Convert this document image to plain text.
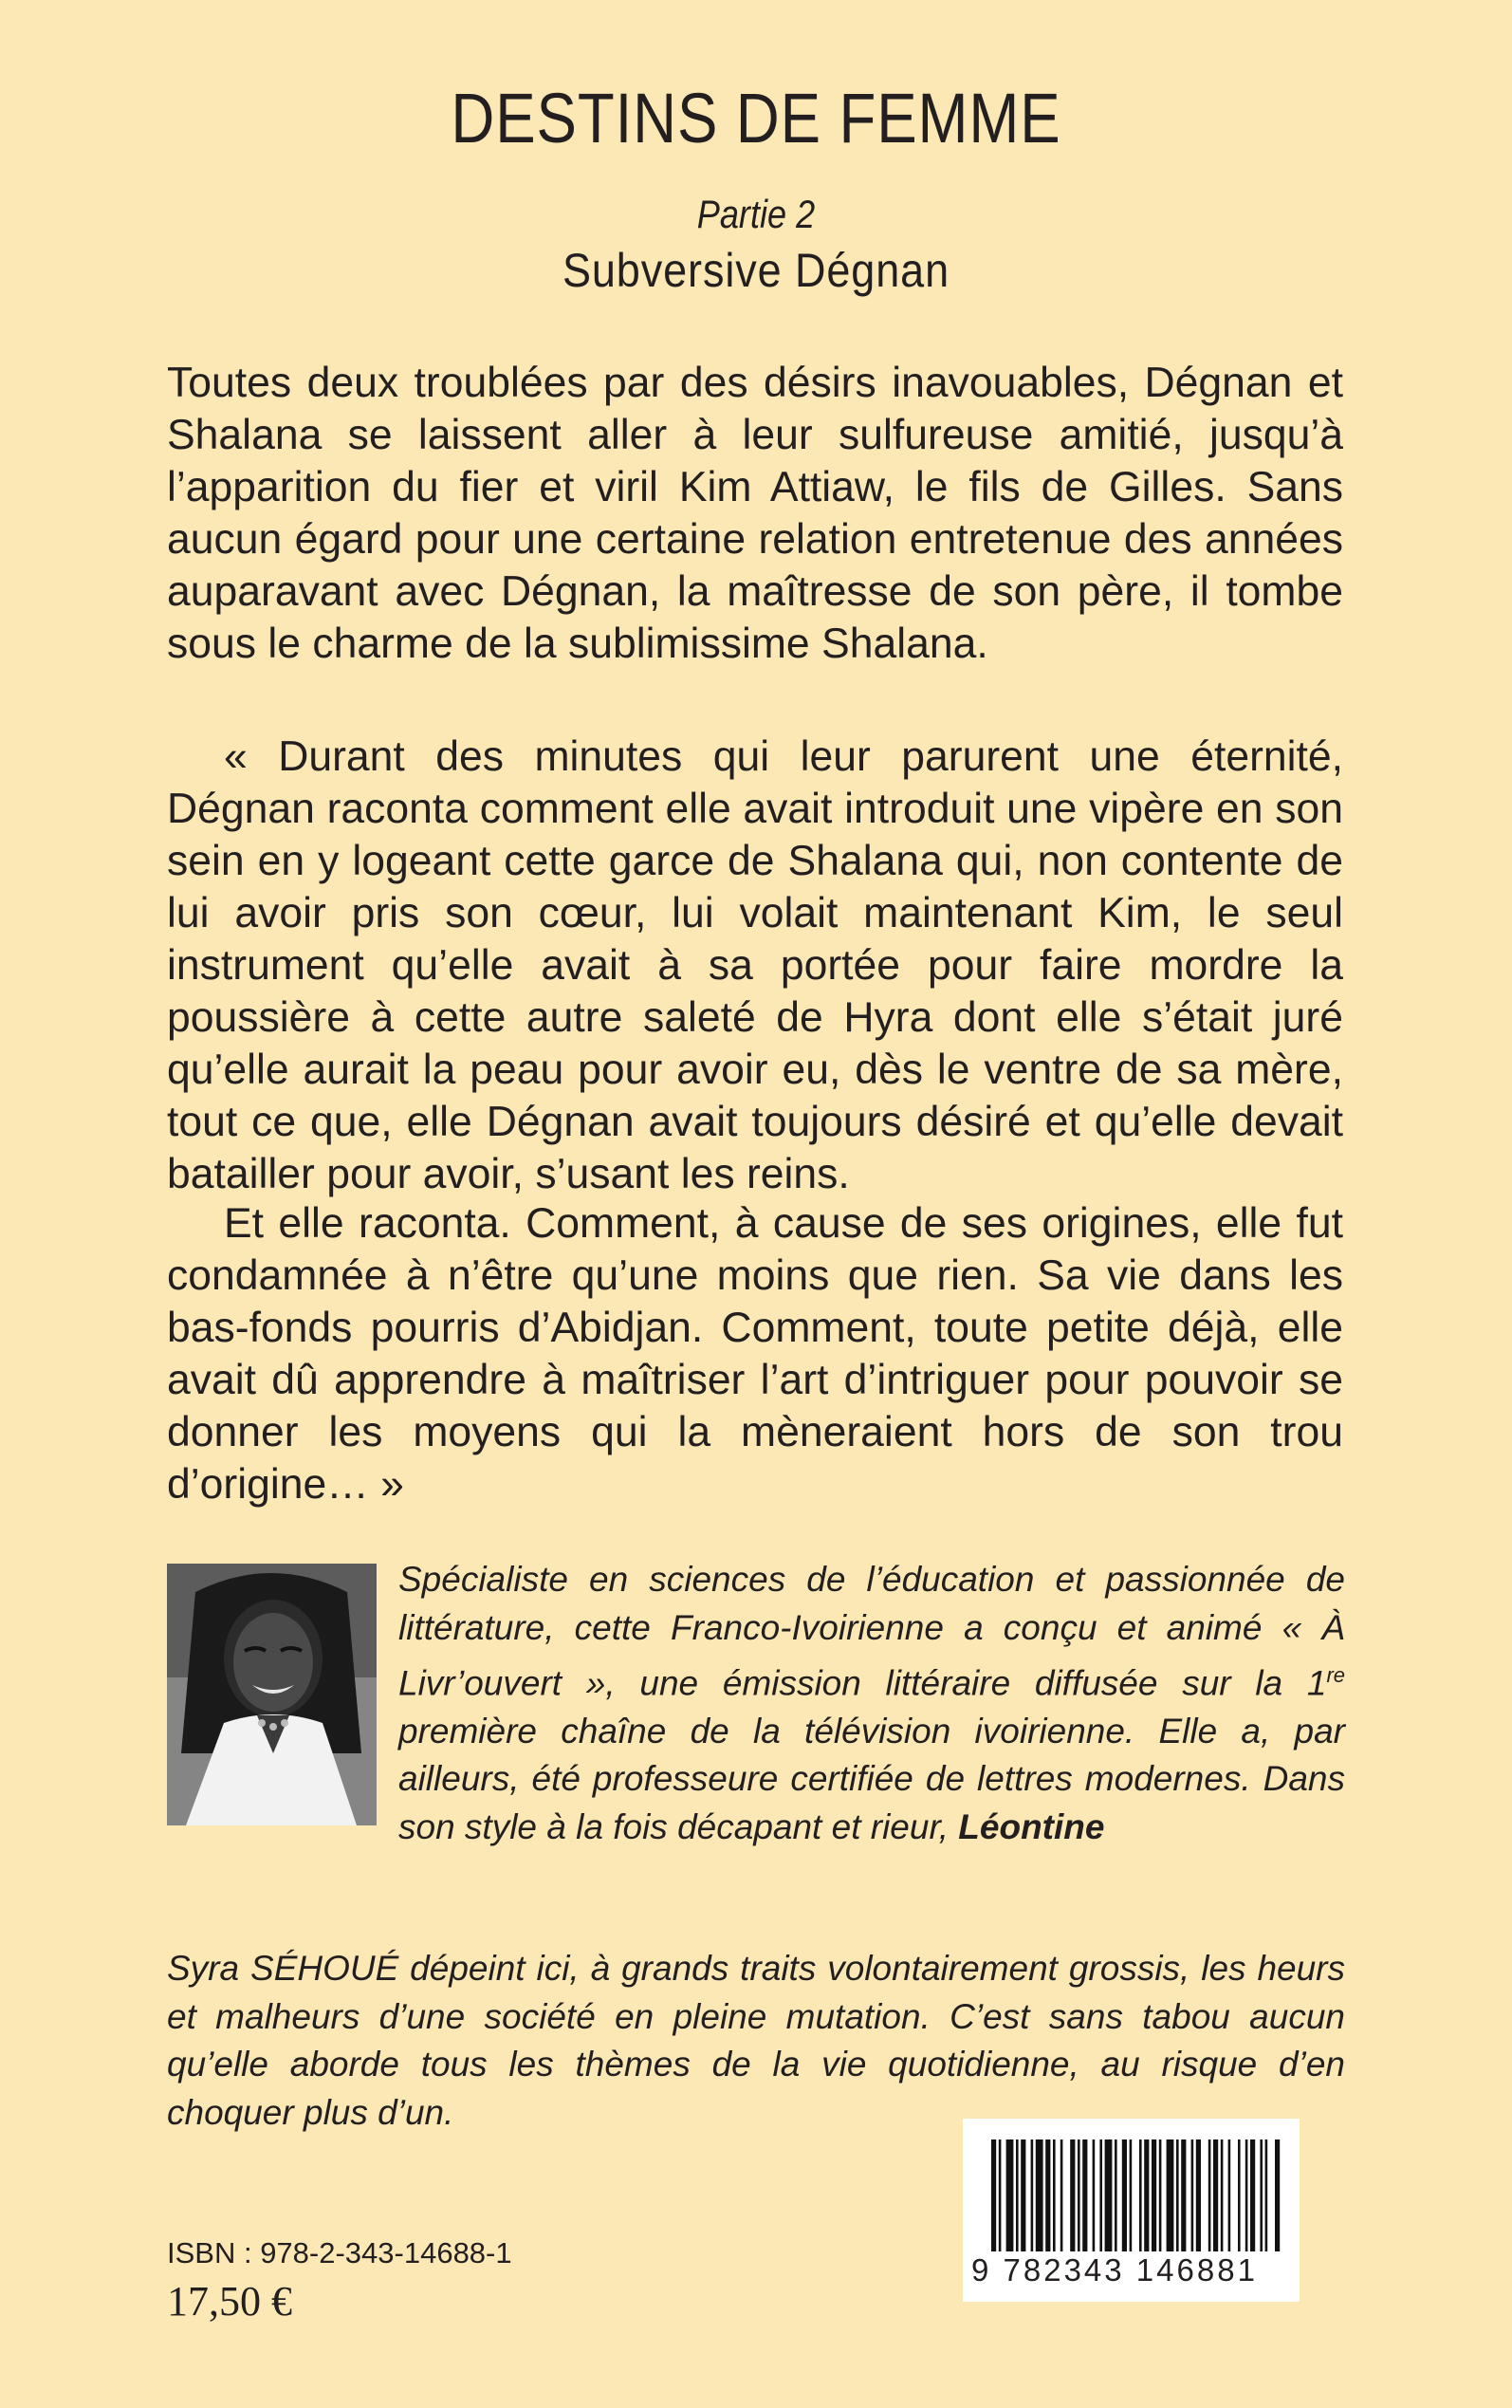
DESTINS DE FEMME
Partie 2
Subversive Dégnan

Toutes deux troublées par des désirs inavouables, Dégnan et Shalana se laissent aller à leur sulfureuse amitié, jusqu’à l’apparition du fier et viril Kim Attiaw, le fils de Gilles. Sans aucun égard pour une certaine relation entretenue des années auparavant avec Dégnan, la maîtresse de son père, il tombe sous le charme de la sublimissime Shalana.

« Durant des minutes qui leur parurent une éternité, Dégnan raconta comment elle avait introduit une vipère en son sein en y logeant cette garce de Shalana qui, non contente de lui avoir pris son cœur, lui volait maintenant Kim, le seul instrument qu’elle avait à sa portée pour faire mordre la poussière à cette autre saleté de Hyra dont elle s’était juré qu’elle aurait la peau pour avoir eu, dès le ventre de sa mère, tout ce que, elle Dégnan avait toujours désiré et qu’elle devait batailler pour avoir, s’usant les reins.

Et elle raconta. Comment, à cause de ses origines, elle fut condamnée à n’être qu’une moins que rien. Sa vie dans les bas-fonds pourris d’Abidjan. Comment, toute petite déjà, elle avait dû apprendre à maîtriser l’art d’intriguer pour pouvoir se donner les moyens qui la mèneraient hors de son trou d’origine… »

Spécialiste en sciences de l’éducation et passionnée de littérature, cette Franco-Ivoirienne a conçu et animé « À Livr’ouvert », une émission littéraire diffusée sur la 1re première chaîne de la télévision ivoirienne. Elle a, par ailleurs, été professeure certifiée de lettres modernes. Dans son style à la fois décapant et rieur, Léontine
Syra SÉHOUÉ dépeint ici, à grands traits volontairement grossis, les heurs et malheurs d’une société en pleine mutation. C’est sans tabou aucun qu’elle aborde tous les thèmes de la vie quotidienne, au risque d’en choquer plus d’un.
9 782343 146881
ISBN : 978-2-343-14688-1
17,50 €
